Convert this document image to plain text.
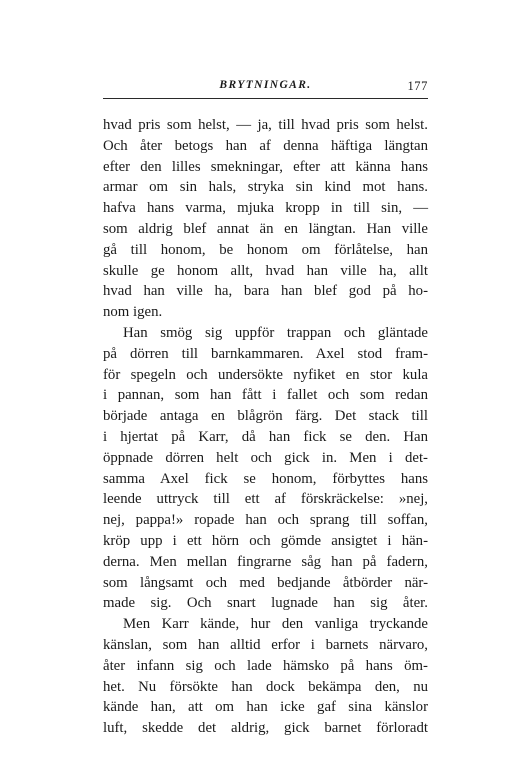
BRYTNINGAR.	177
hvad pris som helst, — ja, till hvad pris som helst.
Och åter betogs han af denna häftiga längtan
efter den lilles smekningar, efter att känna hans
armar om sin hals, stryka sin kind mot hans.
hafva hans varma, mjuka kropp in till sin, —
som aldrig blef annat än en längtan. Han ville
gå till honom, be honom om förlåtelse, han
skulle ge honom allt, hvad han ville ha, allt
hvad han ville ha, bara han blef god på ho-
nom igen.
Han smög sig uppför trappan och gläntade
på dörren till barnkammaren. Axel stod fram-
för spegeln och undersökte nyfiket en stor kula
i pannan, som han fått i fallet och som redan
började antaga en blågrön färg. Det stack till
i hjertat på Karr, då han fick se den. Han
öppnade dörren helt och gick in. Men i det-
samma Axel fick se honom, förbyttes hans
leende uttryck till ett af förskräckelse: »nej,
nej, pappa!» ropade han och sprang till soffan,
kröp upp i ett hörn och gömde ansigtet i hän-
derna. Men mellan fingrarne såg han på fadern,
som långsamt och med bedjande åtbörder när-
made sig. Och snart lugnade han sig åter.
Men Karr kände, hur den vanliga tryckande
känslan, som han alltid erfor i barnets närvaro,
åter infann sig och lade hämsko på hans öm-
het. Nu försökte han dock bekämpa den, nu
kände han, att om han icke gaf sina känslor
luft, skedde det aldrig, gick barnet förloradt
